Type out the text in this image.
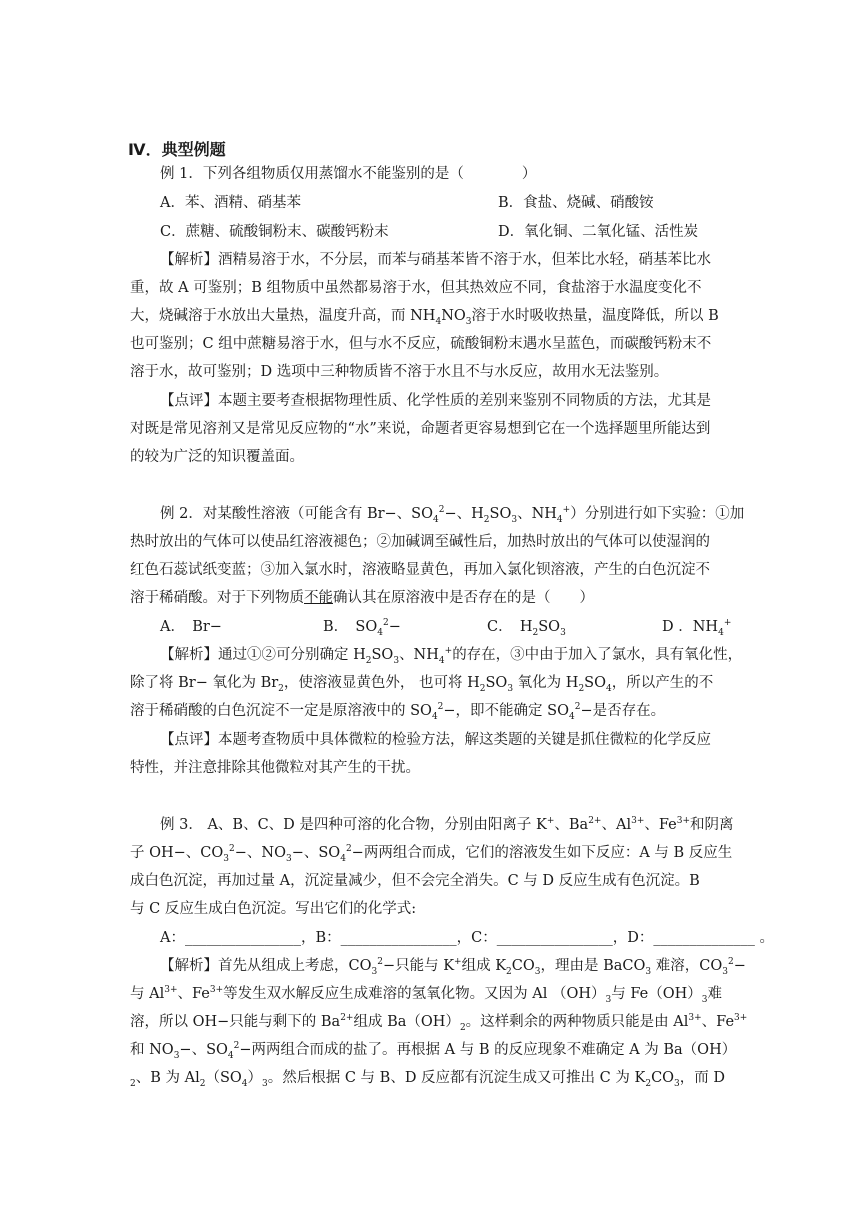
Ⅳ．典型例题
例 1．下列各组物质仅用蒸馏水不能鉴别的是（　　　　）
A．苯、酒精、硝基苯	B．食盐、烧碱、硝酸铵
C．蔗糖、硫酸铜粉末、碳酸钙粉末	D．氧化铜、二氧化锰、活性炭
【解析】酒精易溶于水，不分层，而苯与硝基苯皆不溶于水，但苯比水轻，硝基苯比水
重，故 A 可鉴别；B 组物质中虽然都易溶于水，但其热效应不同，食盐溶于水温度变化不
大，烧碱溶于水放出大量热，温度升高，而 $NH_4NO_3$溶于水时吸收热量，温度降低，所以 B
也可鉴别；C 组中蔗糖易溶于水，但与水不反应，硫酸铜粉末遇水呈蓝色，而碳酸钙粉末不
溶于水，故可鉴别；D 选项中三种物质皆不溶于水且不与水反应，故用水无法鉴别。
【点评】本题主要考查根据物理性质、化学性质的差别来鉴别不同物质的方法，尤其是
对既是常见溶剂又是常见反应物的“水”来说，命题者更容易想到它在一个选择题里所能达到
的较为广泛的知识覆盖面。
例 2．对某酸性溶液（可能含有 Br−、$SO_4^2-$、$H_2SO_3$、$NH_4^+$）分别进行如下实验：①加
热时放出的气体可以使品红溶液褪色；②加碱调至碱性后，加热时放出的气体可以使湿润的
红色石蕊试纸变蓝；③加入氯水时，溶液略显黄色，再加入氯化钡溶液，产生的白色沉淀不
溶于稀硝酸。对于下列物质不能确认其在原溶液中是否存在的是（　　）
A．　Br−	B．　$SO_4^2-$	C．　$H_2SO_3$	D ．$NH_4^+$
【解析】通过①②可分别确定 $H_2SO_3$、$NH_4^+$的存在，③中由于加入了氯水，具有氧化性，
除了将 Br− 氧化为 $Br_2$，使溶液显黄色外， 也可将 $H_2SO_3$ 氧化为 $H_2SO_4$，所以产生的不
溶于稀硝酸的白色沉淀不一定是原溶液中的 $SO_4^2-$，即不能确定 $SO_4^2-$是否存在。
【点评】本题考查物质中具体微粒的检验方法，解这类题的关键是抓住微粒的化学反应
特性，并注意排除其他微粒对其产生的干扰。
例 3． A、B、C、D 是四种可溶的化合物，分别由阳离子 K+、$Ba^{2+}$、$Al^{3+}$、$Fe^{3+}$和阴离
子 OH−、$CO_3^2-$、$NO_3-$、$SO_4^2-$两两组合而成，它们的溶液发生如下反应：A 与 B 反应生
成白色沉淀，再加过量 A，沉淀量减少，但不会完全消失。C 与 D 反应生成有色沉淀。B
与 C 反应生成白色沉淀。写出它们的化学式:
A：________________，B：________________，C：________________，D：______________ 。
【解析】首先从组成上考虑，$CO_3^2-$只能与 K+组成 $K_2CO_3$，理由是 BaCO$_3$ 难溶，$CO_3^2-$
与 $Al^{3+}$、$Fe^{3+}$等发生双水解反应生成难溶的氢氧化物。又因为 Al $(OH)_3$与 $Fe(OH)_3$难
溶，所以 OH−只能与剩下的 $Ba^{2+}$组成 $Ba(OH)_2$。这样剩余的两种物质只能是由 $Al^{3+}$、$Fe^{3+}$
和 $NO_3-$、$SO_4^2-$两两组合而成的盐了。再根据 A 与 B 的反应现象不难确定 A 为 Ba（OH）
$_2$、B 为 $Al_2(SO_4)_3$。然后根据 C 与 B、D 反应都有沉淀生成又可推出 C 为 $K_2CO_3$，而 D
